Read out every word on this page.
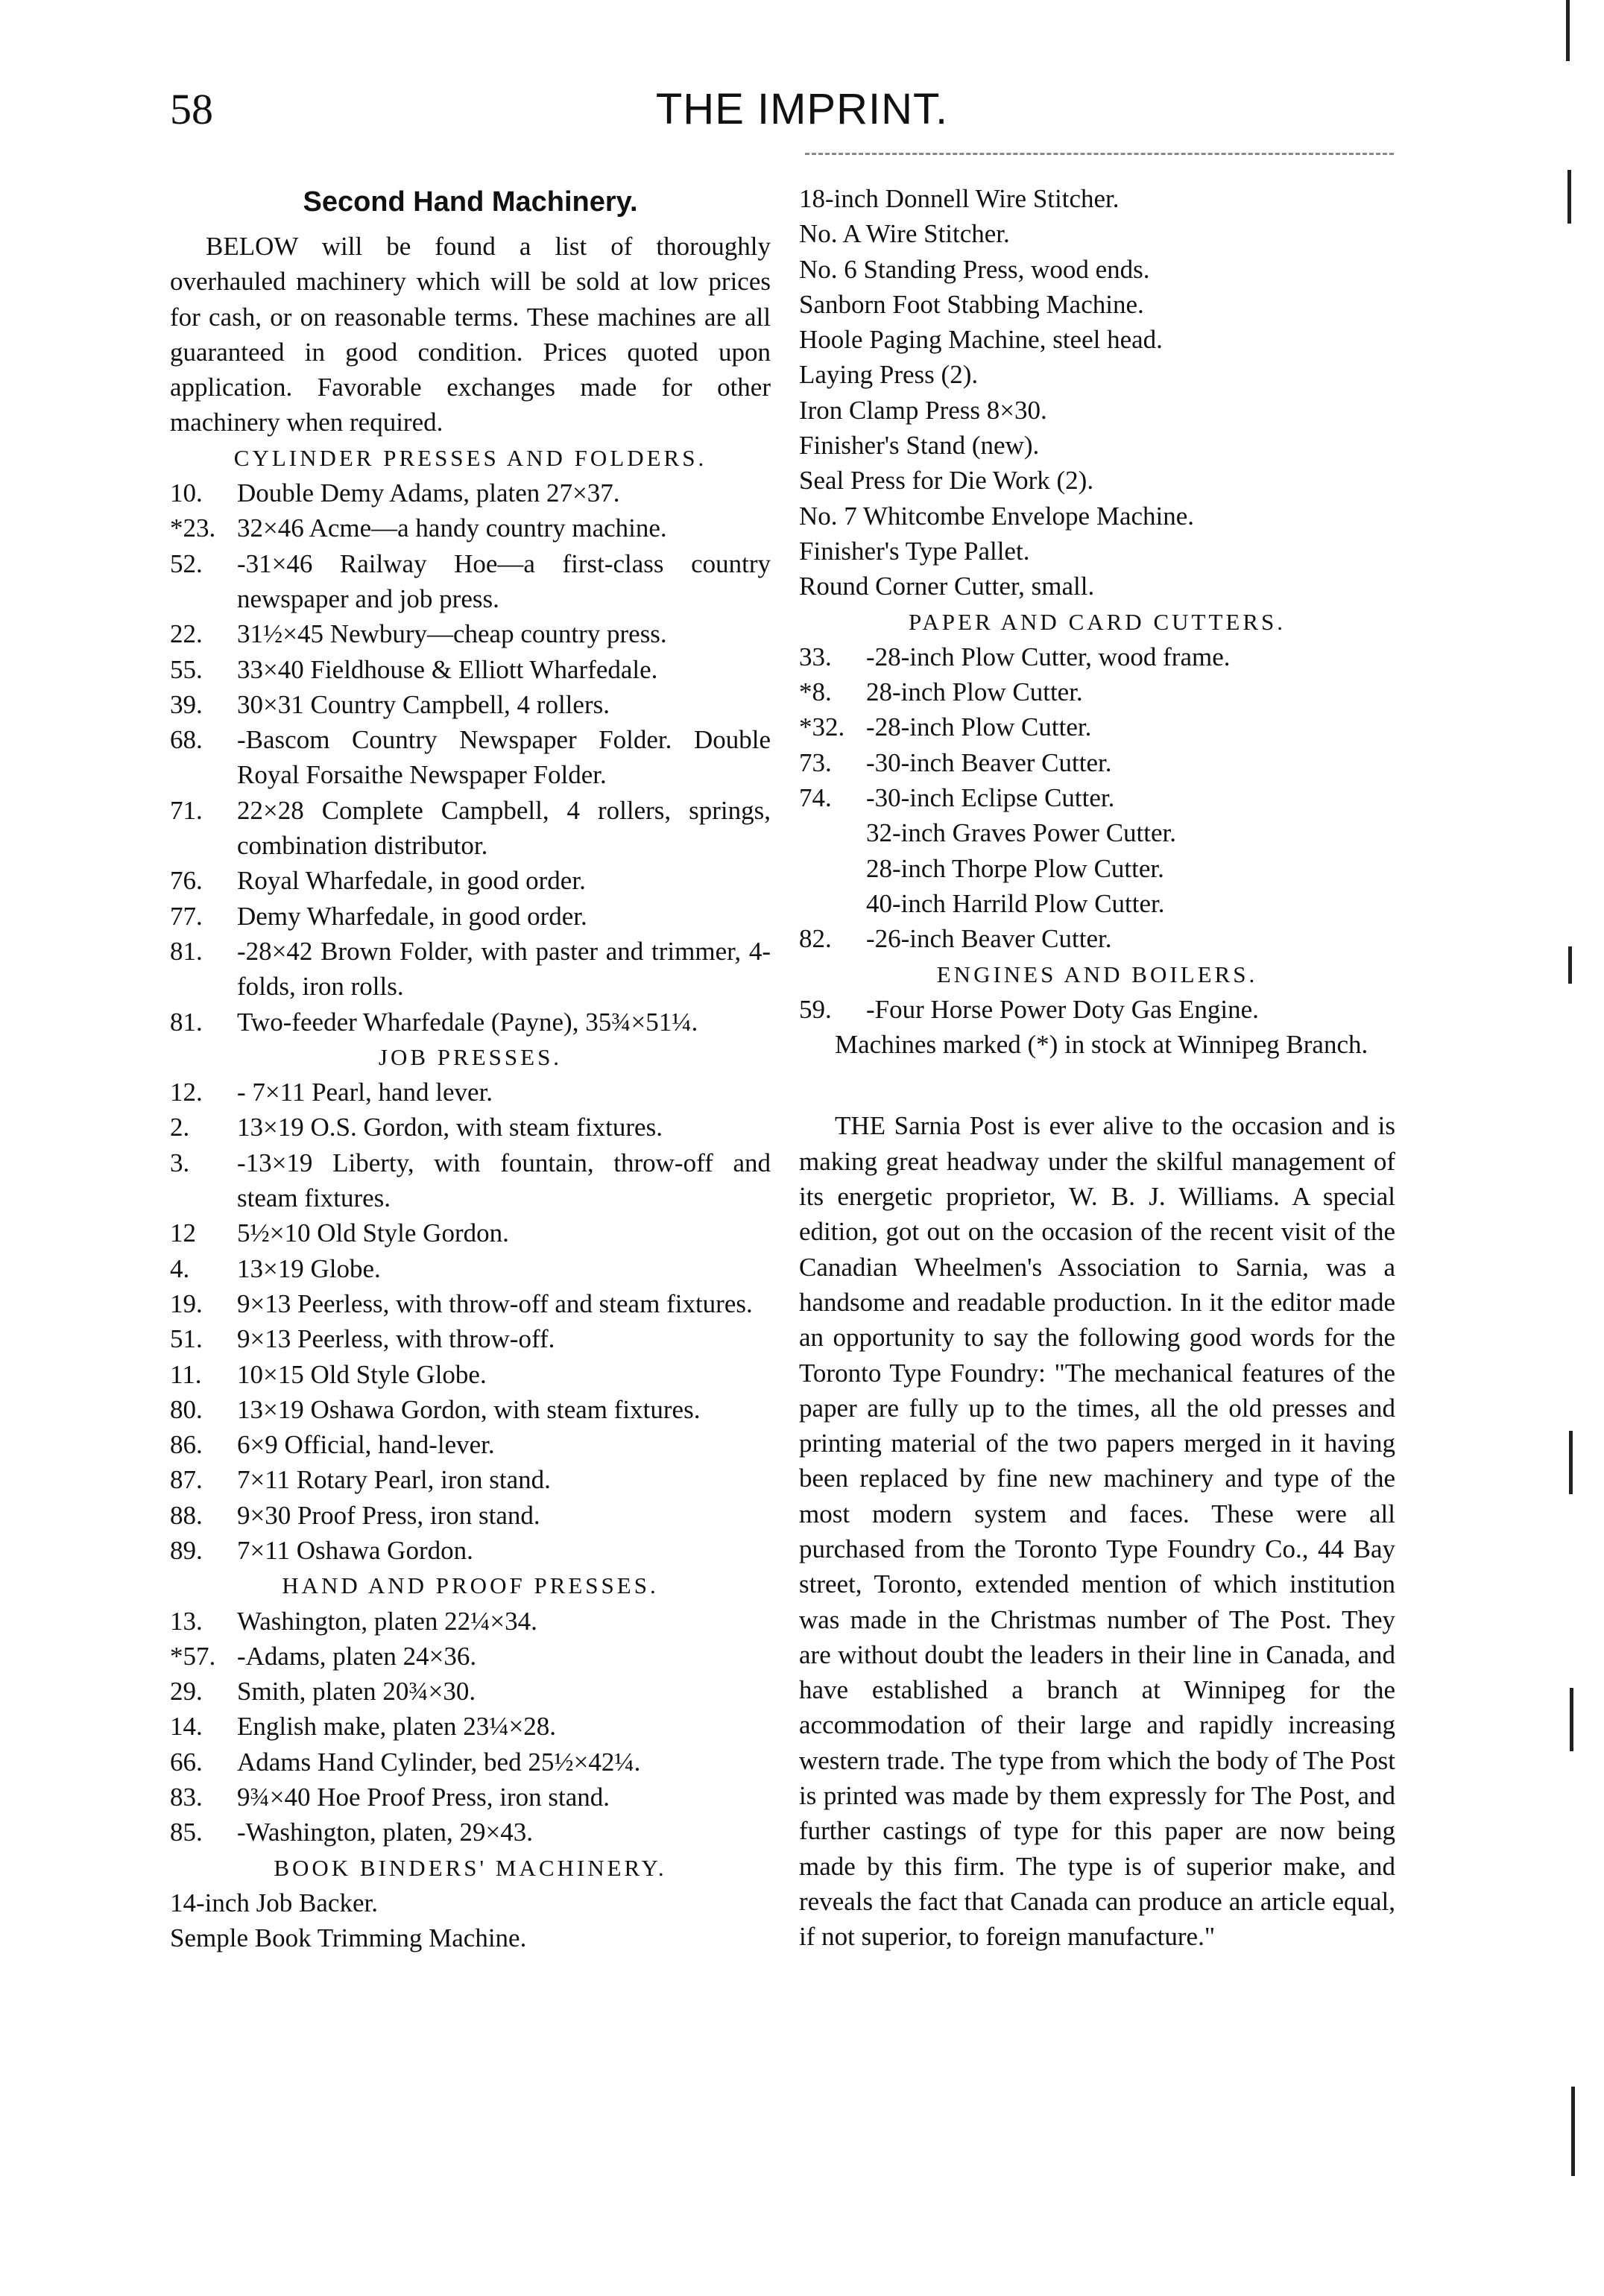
58	THE IMPRINT.
Second Hand Machinery.

BELOW will be found a list of thoroughly overhauled machinery which will be sold at low prices for cash, or on reasonable terms. These machines are all guaranteed in good condition. Prices quoted upon application. Favorable exchanges made for other machinery when required.

CYLINDER PRESSES AND FOLDERS.
10.	Double Demy Adams, platen 27×37.
*23. 32×46 Acme—a handy country machine.
52.	-31×46 Railway Hoe—a first-class country newspaper and job press.
22.	31½×45 Newbury—cheap country press.
55.	33×40 Fieldhouse & Elliott Wharfedale.
39.	30×31 Country Campbell, 4 rollers.
68.	-Bascom Country Newspaper Folder. Double Royal Forsaithe Newspaper Folder.
71.	22×28 Complete Campbell, 4 rollers, springs, combination distributor.
76.	Royal Wharfedale, in good order.
77.	Demy Wharfedale, in good order.
81.	-28×42 Brown Folder, with paster and trimmer, 4-folds, iron rolls.
81.	Two-feeder Wharfedale (Payne), 35¾×51¼.
JOB PRESSES.
12.	- 7×11 Pearl, hand lever.
2.	13×19 O.S. Gordon, with steam fixtures.
3.	-13×19 Liberty, with fountain, throw-off and steam fixtures.
12	5½×10 Old Style Gordon.
4.	13×19 Globe.
19.	9×13 Peerless, with throw-off and steam fixtures.
51.	9×13 Peerless, with throw-off.
11.	10×15 Old Style Globe.
80.	13×19 Oshawa Gordon, with steam fixtures.
86.	6×9 Official, hand-lever.
87.	7×11 Rotary Pearl, iron stand.
88.	9×30 Proof Press, iron stand.
89.	7×11 Oshawa Gordon.
HAND AND PROOF PRESSES.
13.	Washington, platen 22¼×34.
*57. -Adams, platen 24×36.
29.	Smith, platen 20¾×30.
14.	English make, platen 23¼×28.
66.	Adams Hand Cylinder, bed 25½×42¼.
83.	9¾×40 Hoe Proof Press, iron stand.
85.	-Washington, platen, 29×43.
BOOK BINDERS' MACHINERY.
14-inch Job Backer.
Semple Book Trimming Machine.
18-inch Donnell Wire Stitcher.
No. A Wire Stitcher.
No. 6 Standing Press, wood ends.
Sanborn Foot Stabbing Machine.
Hoole Paging Machine, steel head.
Laying Press (2).
Iron Clamp Press 8×30.
Finisher's Stand (new).
Seal Press for Die Work (2).
No. 7 Whitcombe Envelope Machine.
Finisher's Type Pallet.
Round Corner Cutter, small.
PAPER AND CARD CUTTERS.
33.	-28-inch Plow Cutter, wood frame.
*8.	28-inch Plow Cutter.
*32. -28-inch Plow Cutter.
73.	-30-inch Beaver Cutter.
74.	-30-inch Eclipse Cutter.
32-inch Graves Power Cutter.
28-inch Thorpe Plow Cutter.
40-inch Harrild Plow Cutter.
82.	-26-inch Beaver Cutter.
ENGINES AND BOILERS.
59.	-Four Horse Power Doty Gas Engine.

Machines marked (*) in stock at Winnipeg Branch.

THE Sarnia Post is ever alive to the occasion and is making great headway under the skilful management of its energetic proprietor, W. B. J. Williams. A special edition, got out on the occasion of the recent visit of the Canadian Wheelmen's Association to Sarnia, was a handsome and readable production. In it the editor made an opportunity to say the following good words for the Toronto Type Foundry: "The mechanical features of the paper are fully up to the times, all the old presses and printing material of the two papers merged in it having been replaced by fine new machinery and type of the most modern system and faces. These were all purchased from the Toronto Type Foundry Co., 44 Bay street, Toronto, extended mention of which institution was made in the Christmas number of The Post. They are without doubt the leaders in their line in Canada, and have established a branch at Winnipeg for the accommodation of their large and rapidly increasing western trade. The type from which the body of The Post is printed was made by them expressly for The Post, and further castings of type for this paper are now being made by this firm. The type is of superior make, and reveals the fact that Canada can produce an article equal, if not superior, to foreign manufacture."
